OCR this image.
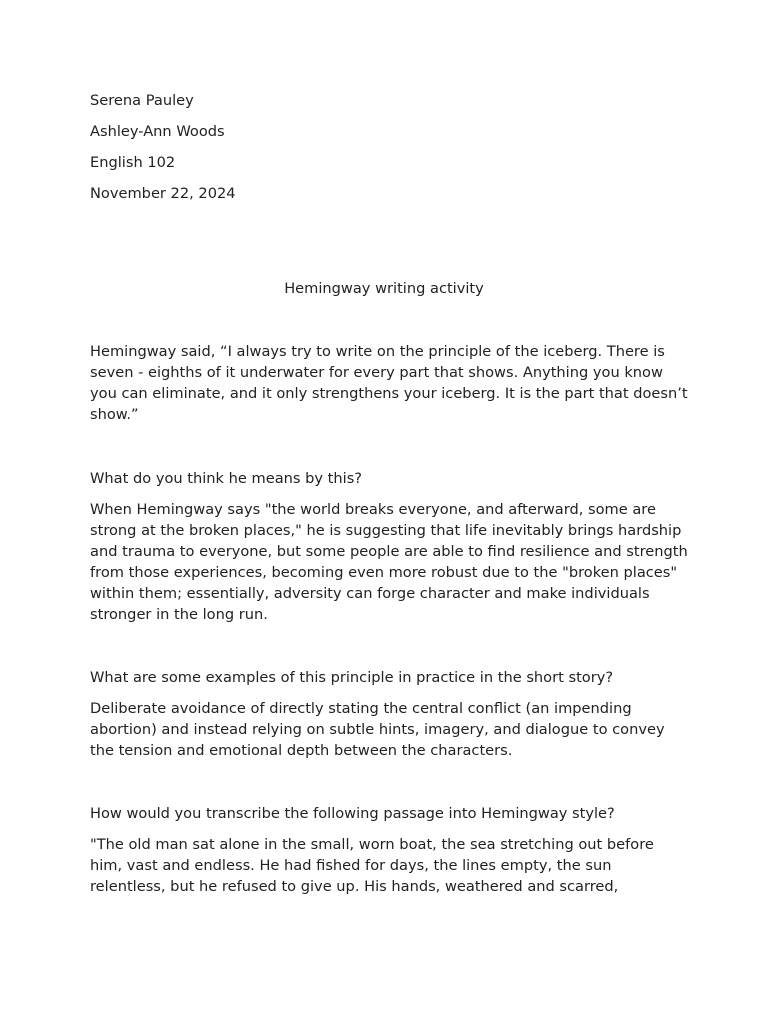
Serena Pauley

Ashley-Ann Woods

English 102

November 22, 2024

Hemingway writing activity

Hemingway said, “I always try to write on the principle of the iceberg. There is seven - eighths of it underwater for every part that shows. Anything you know you can eliminate, and it only strengthens your iceberg. It is the part that doesn’t show.”

What do you think he means by this?

When Hemingway says "the world breaks everyone, and afterward, some are strong at the broken places," he is suggesting that life inevitably brings hardship and trauma to everyone, but some people are able to find resilience and strength from those experiences, becoming even more robust due to the "broken places" within them; essentially, adversity can forge character and make individuals stronger in the long run.

What are some examples of this principle in practice in the short story?

Deliberate avoidance of directly stating the central conflict (an impending abortion) and instead relying on subtle hints, imagery, and dialogue to convey the tension and emotional depth between the characters.

How would you transcribe the following passage into Hemingway style?

"The old man sat alone in the small, worn boat, the sea stretching out before him, vast and endless. He had fished for days, the lines empty, the sun relentless, but he refused to give up. His hands, weathered and scarred,
